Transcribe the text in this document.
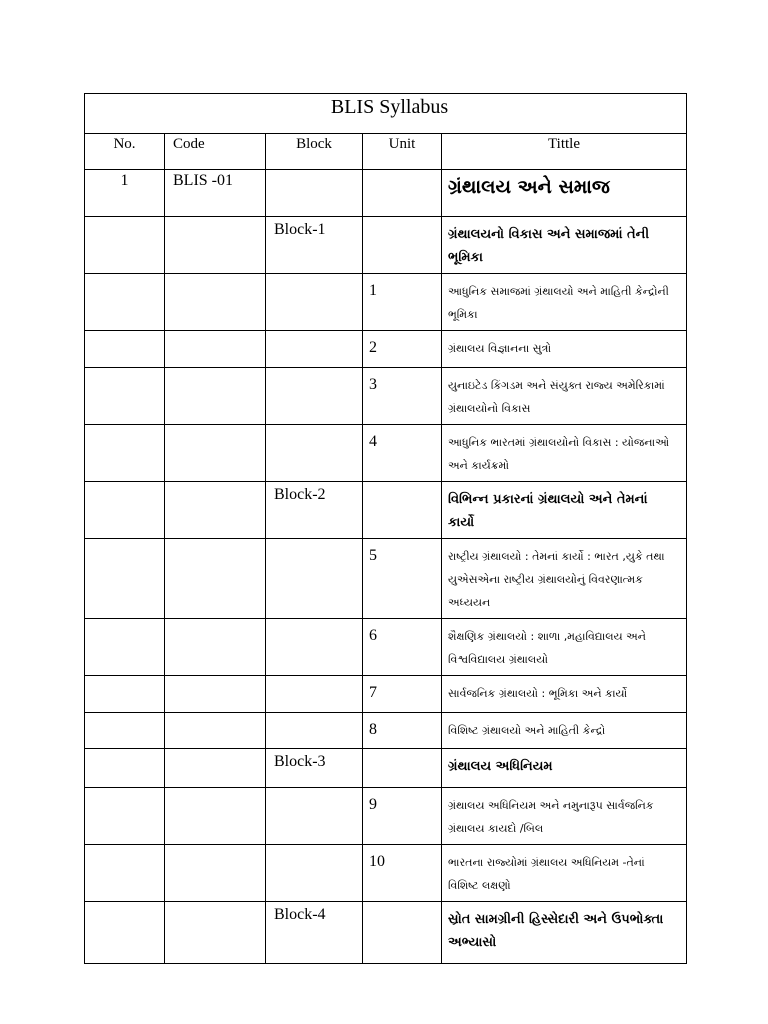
BLIS Syllabus				
No.	Code	Block	Unit	Tittle
1	BLIS -01			ગ્રંથાલય અને સમાજ
		Block-1		ગ્રંથાલયનો વિકાસ અને સમાજમાં તેની ભૂમિકા
			1	આધુનિક સમાજમાં ગ્રંથાલયો અને માહિતી કેન્દ્રોની ભૂમિકા
			2	ગ્રંથાલય વિજ્ઞાનના સુત્રો
			3	યુનાઇટેડ કિંગડમ અને સંયુક્ત રાજ્ય અમેરિકામાં ગ્રંથાલયોનો વિકાસ
			4	આધુનિક ભારતમાં ગ્રંથાલયોનો વિકાસ : યોજનાઓ અને કાર્યક્રમો
		Block-2		વિભિન્ન પ્રકારનાં ગ્રંથાલયો અને તેમનાં કાર્યો
			5	રાષ્ટ્રીય ગ્રંથાલયો : તેમનાં કાર્યો : ભારત ,યુકે તથા યુએસએના રાષ્ટ્રીય ગ્રંથાલયોનું વિવરણાત્મક અધ્યયન
			6	શૈક્ષણિક ગ્રંથાલયો : શાળા ,મહાવિદ્યાલય અને વિશ્વવિદ્યાલય ગ્રંથાલયો
			7	સાર્વજનિક ગ્રંથાલયો : ભૂમિકા અને કાર્યો
			8	વિશિષ્ટ ગ્રંથાલયો અને માહિતી કેન્દ્રો
		Block-3		ગ્રંથાલય અધિનિયમ
			9	ગ્રંથાલય અધિનિયમ અને નમુનારૂપ સાર્વજનિક ગ્રંથાલય કાયદો /બિલ
			10	ભારતના રાજ્યોમાં ગ્રંથાલય અધિનિયમ -તેનાં વિશિષ્ટ લક્ષણો
		Block-4		સ્રોત સામગ્રીની હિસ્સેદારી અને ઉપભોક્તા અભ્યાસો
